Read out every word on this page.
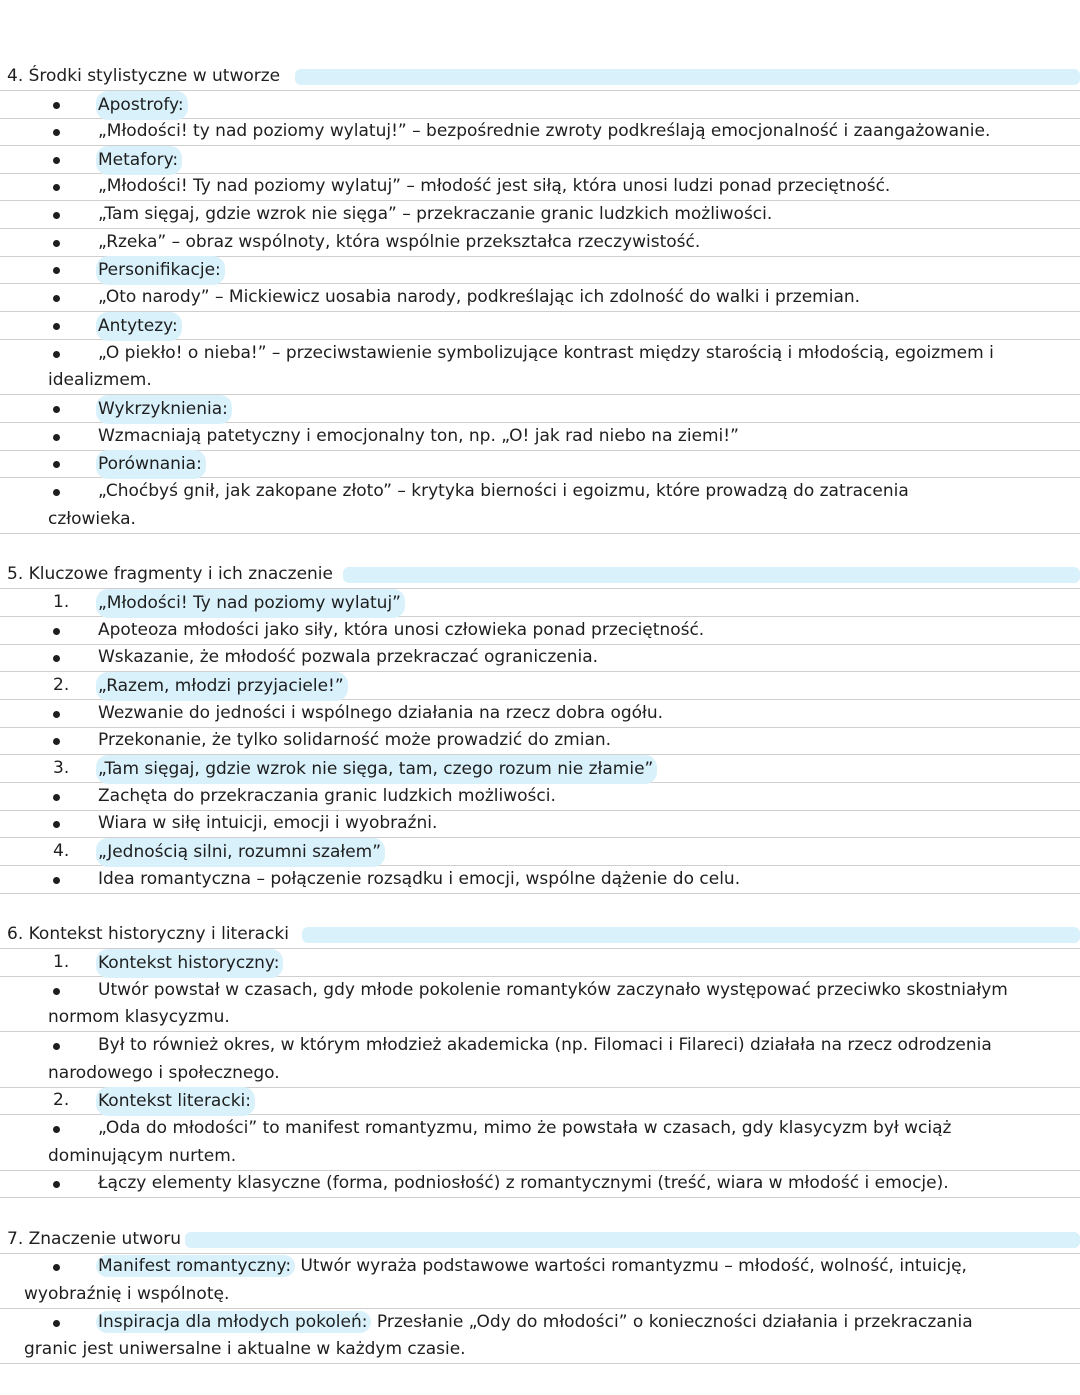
4. Środki stylistyczne w utworze
Apostrofy:
„Młodości! ty nad poziomy wylatuj!” – bezpośrednie zwroty podkreślają emocjonalność i zaangażowanie.
Metafory:
„Młodości! Ty nad poziomy wylatuj” – młodość jest siłą, która unosi ludzi ponad przeciętność.
„Tam sięgaj, gdzie wzrok nie sięga” – przekraczanie granic ludzkich możliwości.
„Rzeka” – obraz wspólnoty, która wspólnie przekształca rzeczywistość.
Personifikacje:
„Oto narody” – Mickiewicz uosabia narody, podkreślając ich zdolność do walki i przemian.
Antytezy:
„O piekło! o nieba!” – przeciwstawienie symbolizujące kontrast między starością i młodością, egoizmem i
idealizmem.
Wykrzyknienia:
Wzmacniają patetyczny i emocjonalny ton, np. „O! jak rad niebo na ziemi!”
Porównania:
„Choćbyś gnił, jak zakopane złoto” – krytyka bierności i egoizmu, które prowadzą do zatracenia
człowieka.
5. Kluczowe fragmenty i ich znaczenie
1. „Młodości! Ty nad poziomy wylatuj”
Apoteoza młodości jako siły, która unosi człowieka ponad przeciętność.
Wskazanie, że młodość pozwala przekraczać ograniczenia.
2. „Razem, młodzi przyjaciele!”
Wezwanie do jedności i wspólnego działania na rzecz dobra ogółu.
Przekonanie, że tylko solidarność może prowadzić do zmian.
3. „Tam sięgaj, gdzie wzrok nie sięga, tam, czego rozum nie złamie”
Zachęta do przekraczania granic ludzkich możliwości.
Wiara w siłę intuicji, emocji i wyobraźni.
4. „Jednością silni, rozumni szałem”
Idea romantyczna – połączenie rozsądku i emocji, wspólne dążenie do celu.
6. Kontekst historyczny i literacki
1. Kontekst historyczny:
Utwór powstał w czasach, gdy młode pokolenie romantyków zaczynało występować przeciwko skostniałym
normom klasycyzmu.
Był to również okres, w którym młodzież akademicka (np. Filomaci i Filareci) działała na rzecz odrodzenia
narodowego i społecznego.
2. Kontekst literacki:
„Oda do młodości” to manifest romantyzmu, mimo że powstała w czasach, gdy klasycyzm był wciąż
dominującym nurtem.
Łączy elementy klasyczne (forma, podniosłość) z romantycznymi (treść, wiara w młodość i emocje).
7. Znaczenie utworu
Manifest romantyczny: Utwór wyraża podstawowe wartości romantyzmu – młodość, wolność, intuicję,
wyobraźnię i wspólnotę.
Inspiracja dla młodych pokoleń: Przesłanie „Ody do młodości” o konieczności działania i przekraczania
granic jest uniwersalne i aktualne w każdym czasie.
